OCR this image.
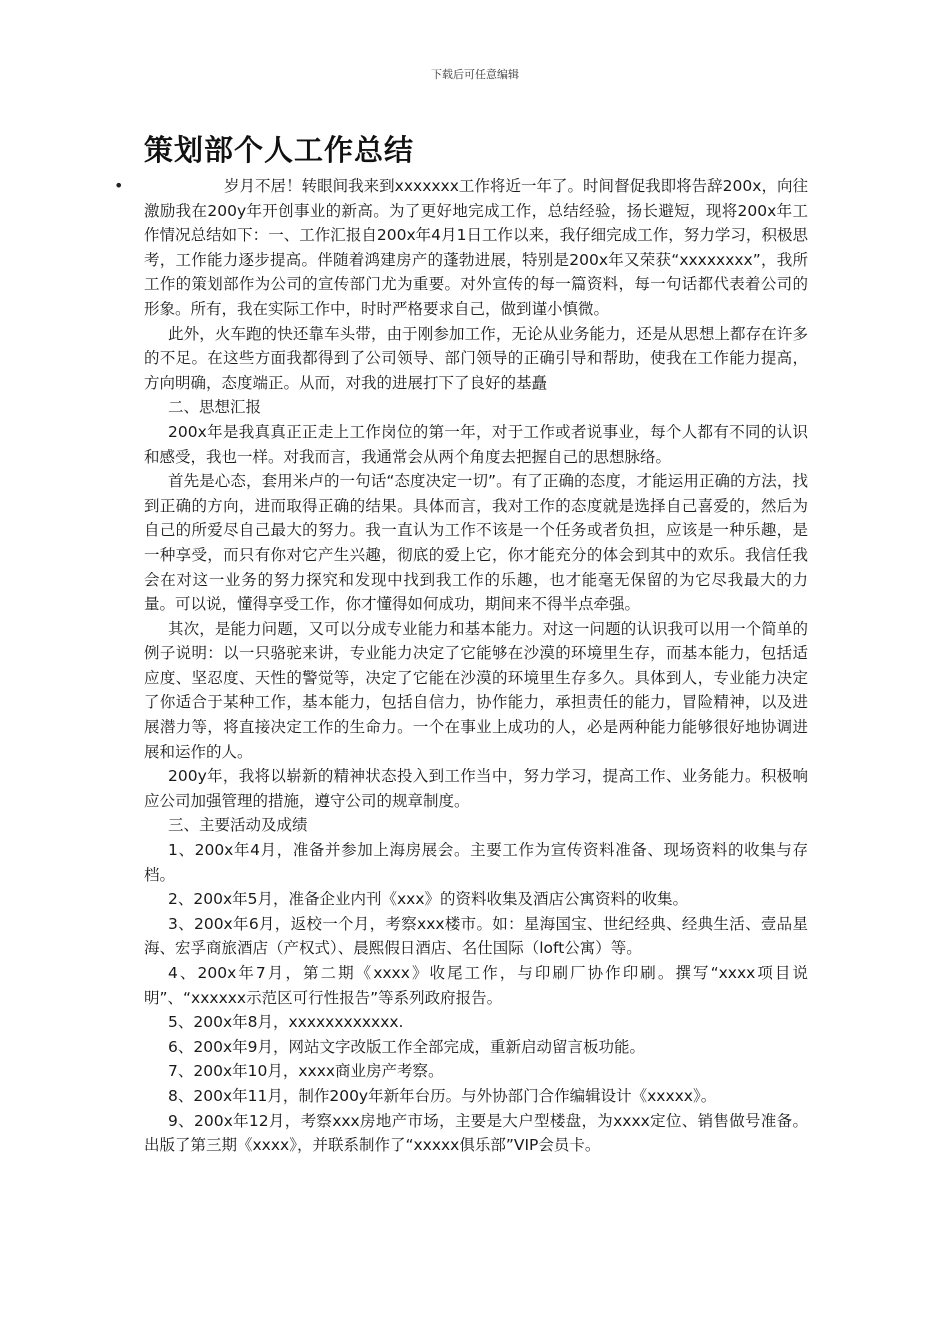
下载后可任意编辑
策划部个人工作总结
•	岁月不居！转眼间我来到xxxxxxx工作将近一年了。时间督促我即将告辞200x，向往激励我在200y年开创事业的新高。为了更好地完成工作，总结经验，扬长避短，现将200x年工作情况总结如下：一、工作汇报自200x年4月1日工作以来，我仔细完成工作，努力学习，积极思考，工作能力逐步提高。伴随着鸿建房产的蓬勃进展，特别是200x年又荣获“xxxxxxxx”，我所工作的策划部作为公司的宣传部门尤为重要。对外宣传的每一篇资料，每一句话都代表着公司的形象。所有，我在实际工作中，时时严格要求自己，做到谨小慎微。

此外，火车跑的快还靠车头带，由于刚参加工作，无论从业务能力，还是从思想上都存在许多的不足。在这些方面我都得到了公司领导、部门领导的正确引导和帮助，使我在工作能力提高，方向明确，态度端正。从而，对我的进展打下了良好的基矗

二、思想汇报

200x年是我真真正正走上工作岗位的第一年，对于工作或者说事业，每个人都有不同的认识和感受，我也一样。对我而言，我通常会从两个角度去把握自己的思想脉络。

首先是心态，套用米卢的一句话“态度决定一切”。有了正确的态度，才能运用正确的方法，找到正确的方向，进而取得正确的结果。具体而言，我对工作的态度就是选择自己喜爱的，然后为自己的所爱尽自己最大的努力。我一直认为工作不该是一个任务或者负担，应该是一种乐趣，是一种享受，而只有你对它产生兴趣，彻底的爱上它，你才能充分的体会到其中的欢乐。我信任我会在对这一业务的努力探究和发现中找到我工作的乐趣，也才能毫无保留的为它尽我最大的力量。可以说，懂得享受工作，你才懂得如何成功，期间来不得半点牵强。

其次，是能力问题，又可以分成专业能力和基本能力。对这一问题的认识我可以用一个简单的例子说明：以一只骆驼来讲，专业能力决定了它能够在沙漠的环境里生存，而基本能力，包括适应度、坚忍度、天性的警觉等，决定了它能在沙漠的环境里生存多久。具体到人，专业能力决定了你适合于某种工作，基本能力，包括自信力，协作能力，承担责任的能力，冒险精神，以及进展潜力等，将直接决定工作的生命力。一个在事业上成功的人，必是两种能力能够很好地协调进展和运作的人。

200y年，我将以崭新的精神状态投入到工作当中，努力学习，提高工作、业务能力。积极响应公司加强管理的措施，遵守公司的规章制度。

三、主要活动及成绩

1、200x年4月，准备并参加上海房展会。主要工作为宣传资料准备、现场资料的收集与存档。

2、200x年5月，准备企业内刊《xxx》的资料收集及酒店公寓资料的收集。

3、200x年6月，返校一个月，考察xxx楼市。如：星海国宝、世纪经典、经典生活、壹品星海、宏孚商旅酒店（产权式）、晨熙假日酒店、名仕国际（loft公寓）等。

4、200x年7月，第二期《xxxx》收尾工作，与印刷厂协作印刷。撰写“xxxx项目说明”、“xxxxxx示范区可行性报告”等系列政府报告。

5、200x年8月，xxxxxxxxxxxx.

6、200x年9月，网站文字改版工作全部完成，重新启动留言板功能。

7、200x年10月，xxxx商业房产考察。

8、200x年11月，制作200y年新年台历。与外协部门合作编辑设计《xxxxx》。

9、200x年12月，考察xxx房地产市场，主要是大户型楼盘，为xxxx定位、销售做号准备。出版了第三期《xxxx》，并联系制作了“xxxxx俱乐部”VIP会员卡。
